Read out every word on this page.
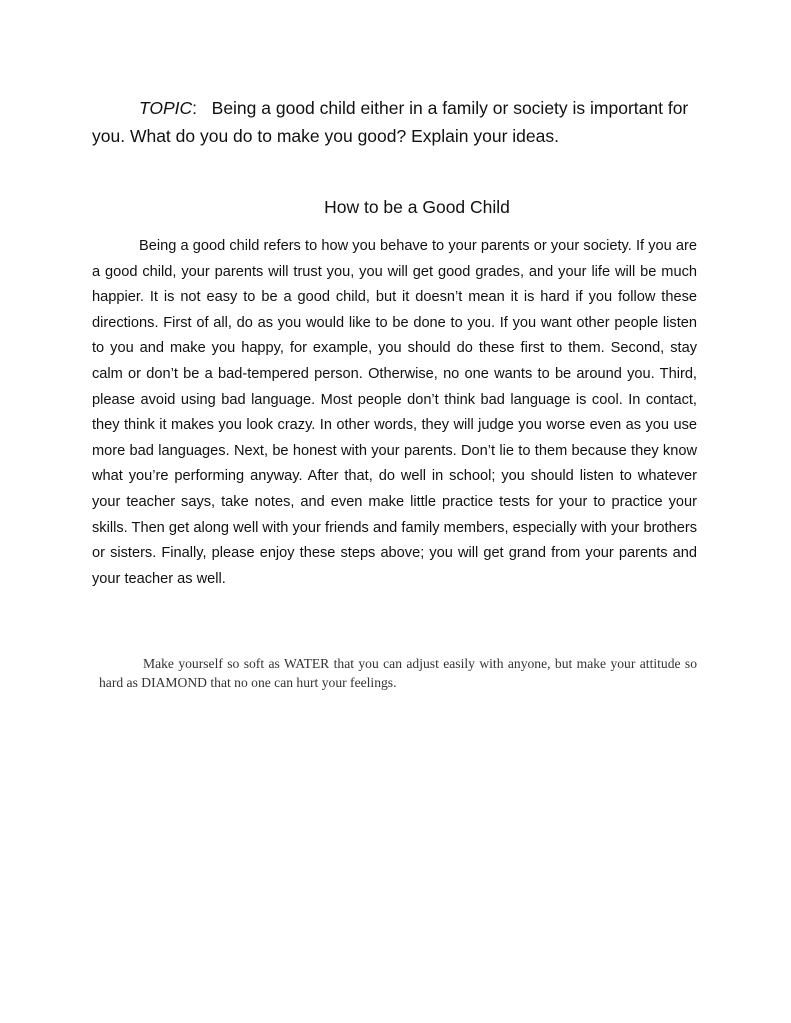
TOPIC: Being a good child either in a family or society is important for you. What do you do to make you good? Explain your ideas.

How to be a Good Child

Being a good child refers to how you behave to your parents or your society. If you are a good child, your parents will trust you, you will get good grades, and your life will be much happier. It is not easy to be a good child, but it doesn’t mean it is hard if you follow these directions. First of all, do as you would like to be done to you. If you want other people listen to you and make you happy, for example, you should do these first to them. Second, stay calm or don’t be a bad-tempered person. Otherwise, no one wants to be around you. Third, please avoid using bad language. Most people don’t think bad language is cool. In contact, they think it makes you look crazy. In other words, they will judge you worse even as you use more bad languages. Next, be honest with your parents. Don’t lie to them because they know what you’re performing anyway. After that, do well in school; you should listen to whatever your teacher says, take notes, and even make little practice tests for your to practice your skills. Then get along well with your friends and family members, especially with your brothers or sisters. Finally, please enjoy these steps above; you will get grand from your parents and your teacher as well.

Make yourself so soft as WATER that you can adjust easily with anyone, but make your attitude so hard as DIAMOND that no one can hurt your feelings.
